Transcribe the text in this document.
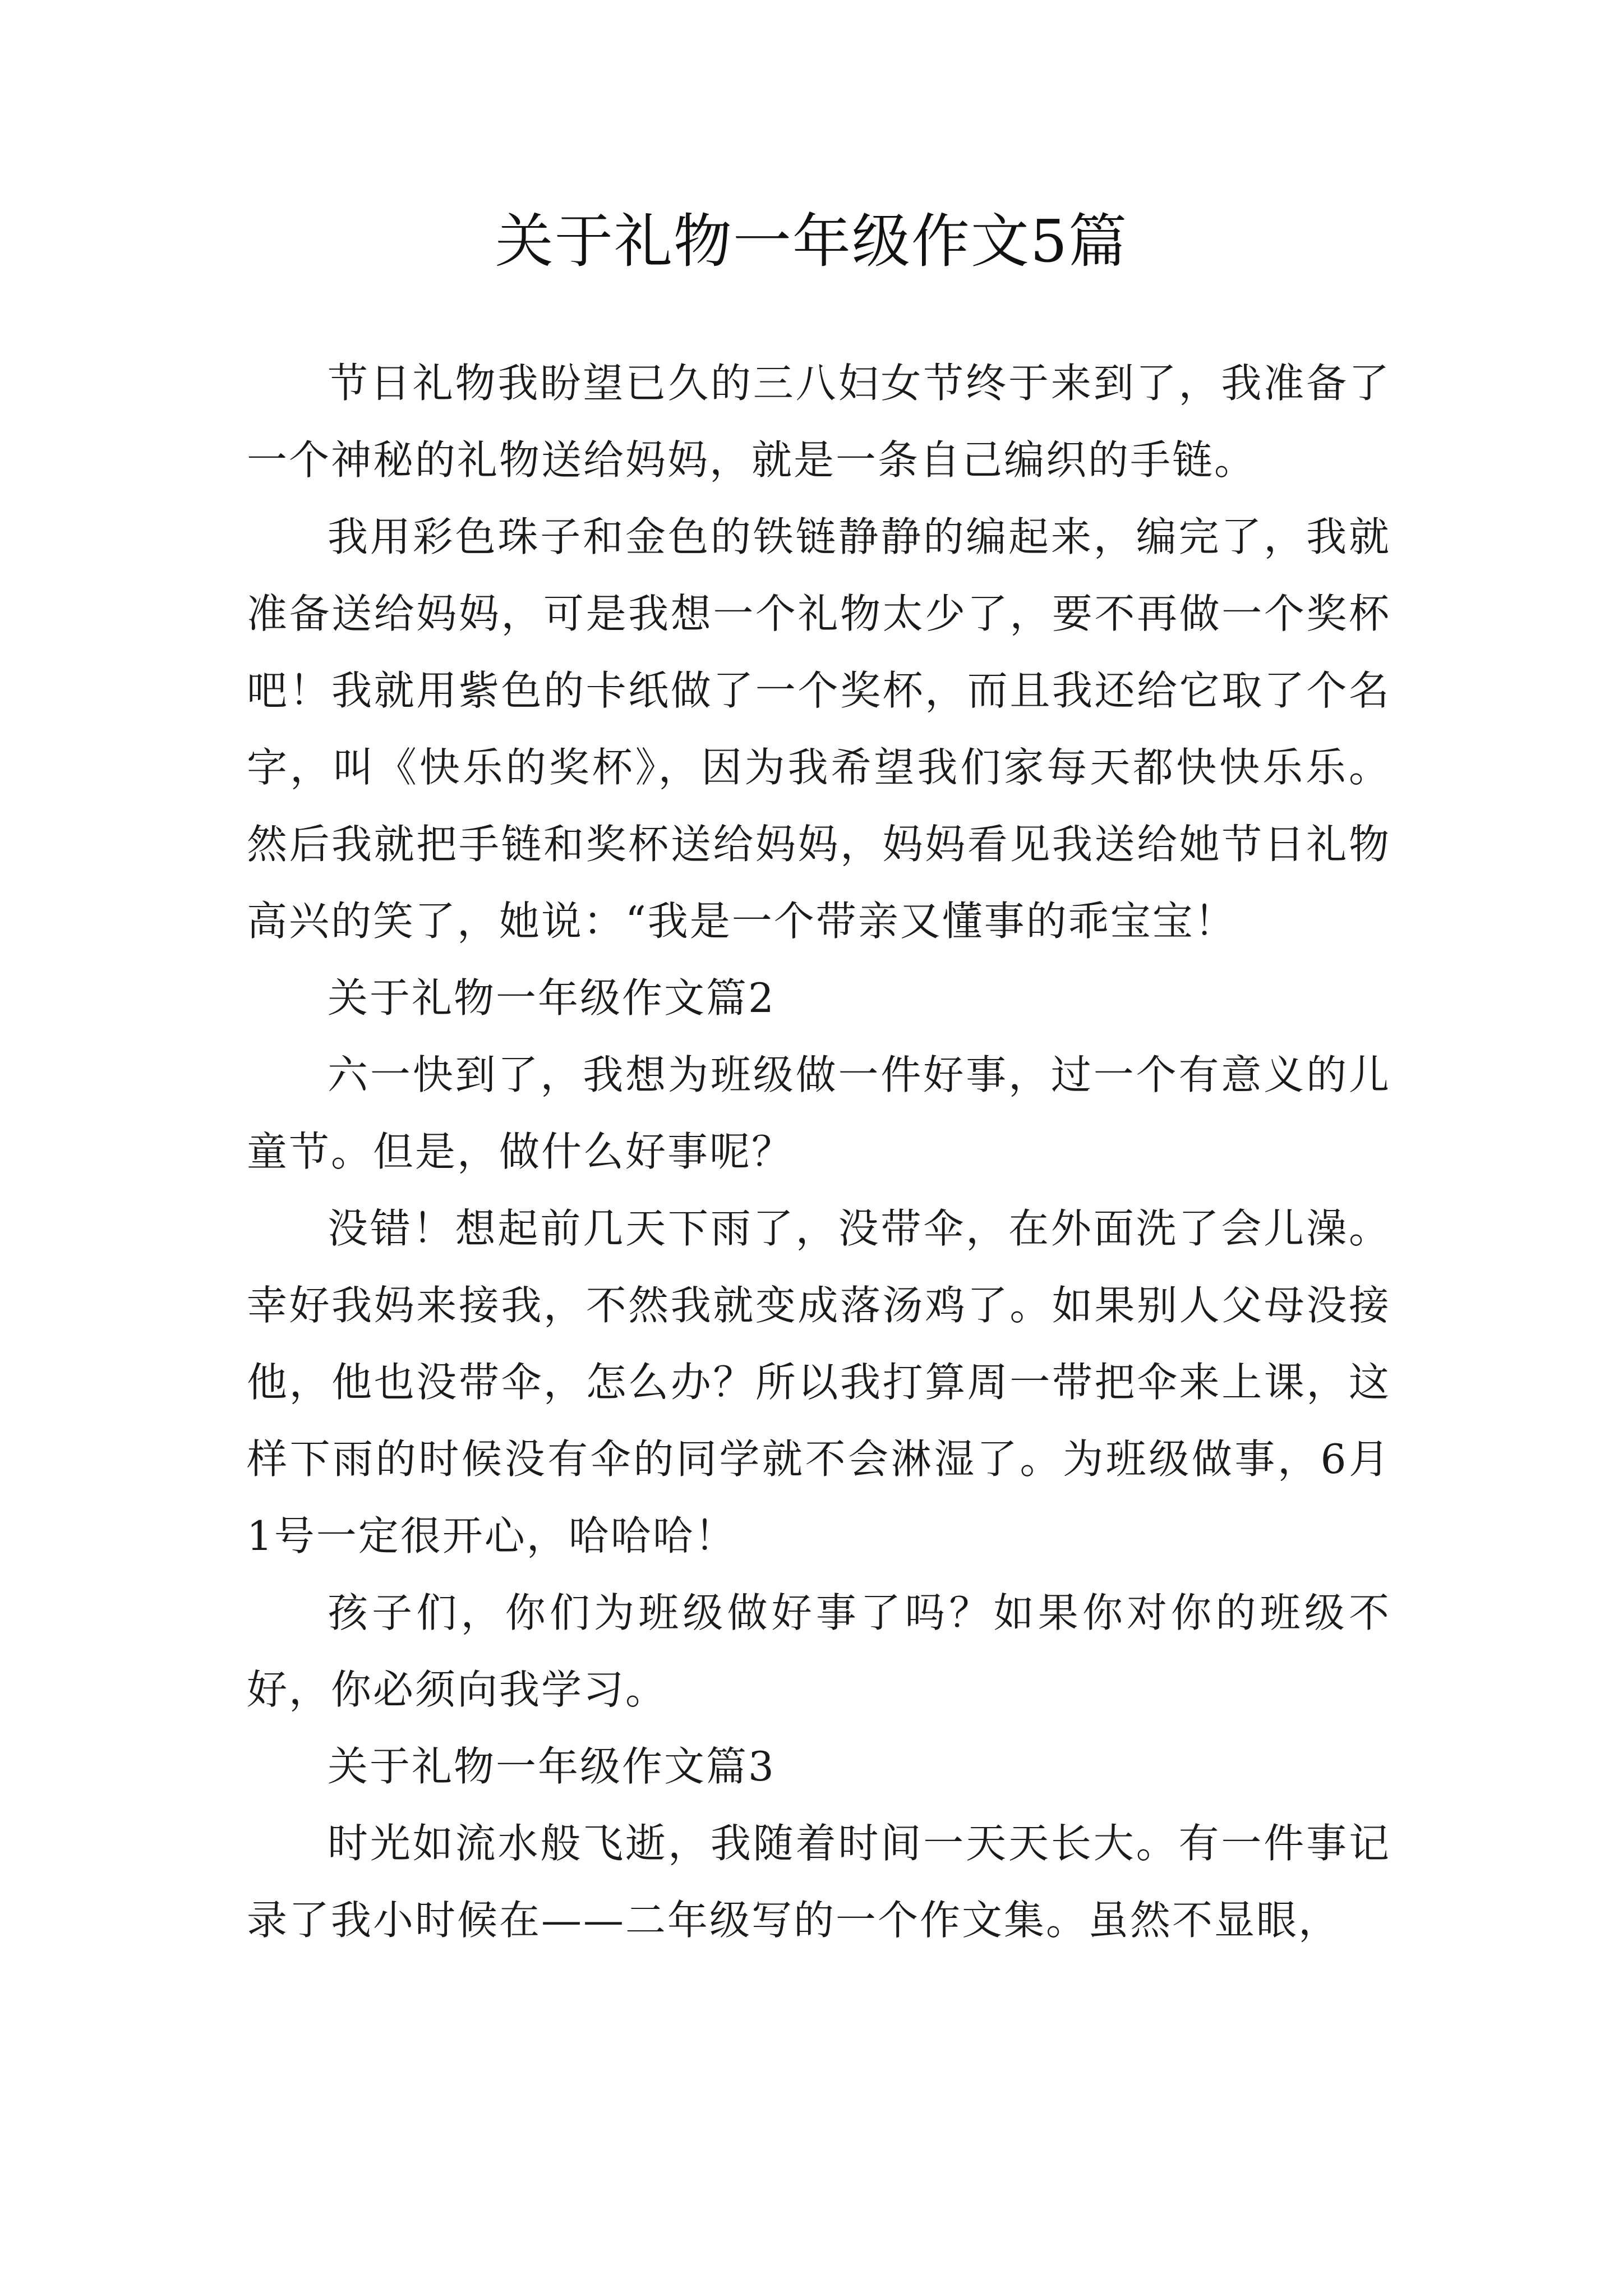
关于礼物一年级作文5篇

节日礼物我盼望已久的三八妇女节终于来到了，我准备了一个神秘的礼物送给妈妈，就是一条自己编织的手链。

我用彩色珠子和金色的铁链静静的编起来，编完了，我就准备送给妈妈，可是我想一个礼物太少了，要不再做一个奖杯吧！我就用紫色的卡纸做了一个奖杯，而且我还给它取了个名字，叫《快乐的奖杯》，因为我希望我们家每天都快快乐乐。然后我就把手链和奖杯送给妈妈，妈妈看见我送给她节日礼物高兴的笑了，她说：“我是一个带亲又懂事的乖宝宝！

关于礼物一年级作文篇2

六一快到了，我想为班级做一件好事，过一个有意义的儿童节。但是，做什么好事呢？

没错！想起前几天下雨了，没带伞，在外面洗了会儿澡。幸好我妈来接我，不然我就变成落汤鸡了。如果别人父母没接他，他也没带伞，怎么办？所以我打算周一带把伞来上课，这样下雨的时候没有伞的同学就不会淋湿了。为班级做事，6月1号一定很开心，哈哈哈！

孩子们，你们为班级做好事了吗？如果你对你的班级不好，你必须向我学习。

关于礼物一年级作文篇3

时光如流水般飞逝，我随着时间一天天长大。有一件事记录了我小时候在——二年级写的一个作文集。虽然不显眼，
